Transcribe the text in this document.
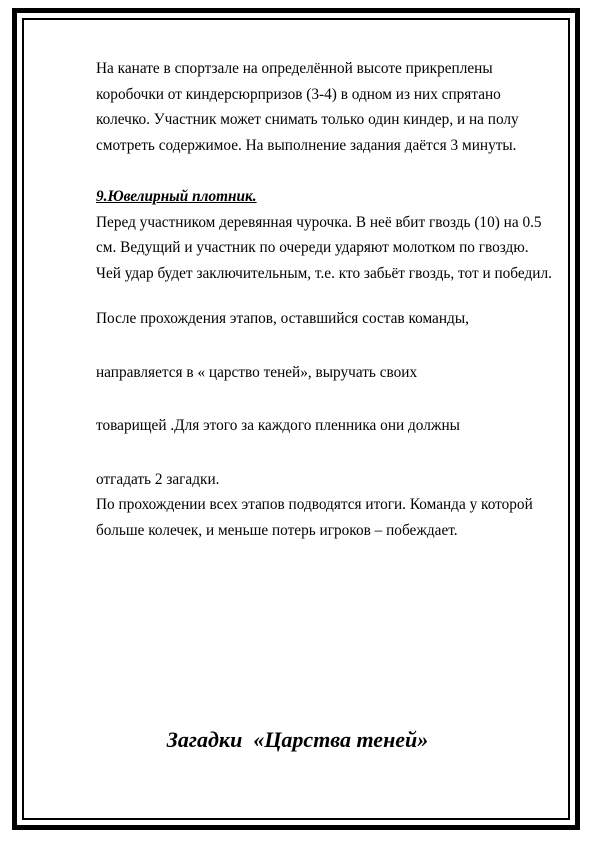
На канате в спортзале на определённой высоте прикреплены коробочки от киндерсюрпризов (3-4) в одном из них спрятано колечко. Участник может снимать только один киндер, и на полу смотреть содержимое. На выполнение задания даётся 3 минуты.

9.Ювелирный плотник.

Перед участником деревянная чурочка. В неё вбит гвоздь (10) на 0.5 см. Ведущий и участник по очереди ударяют молотком по гвоздю. Чей удар будет заключительным, т.е. кто забьёт гвоздь, тот и победил.

После прохождения этапов, оставшийся состав команды,

направляется в « царство теней», выручать своих

товарищей .Для этого за каждого пленника они должны

отгадать 2 загадки.

По прохождении всех этапов подводятся итоги. Команда у которой больше колечек, и меньше потерь игроков – побеждает.

Загадки  «Царства теней»
